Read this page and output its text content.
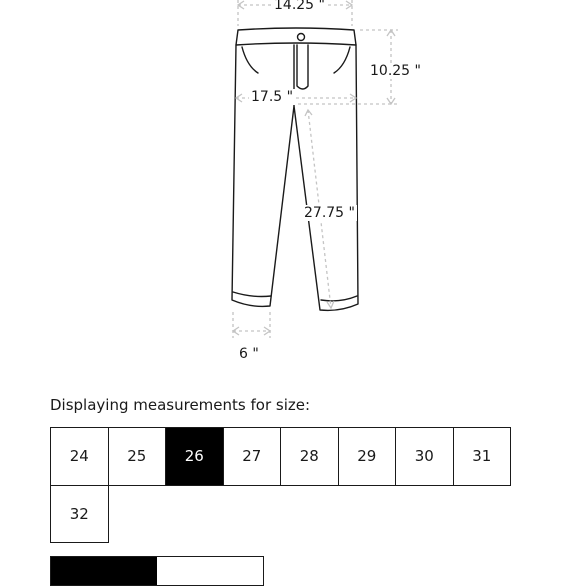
14.25 "
10.25 "
17.5 "
27.75 "
6 "
Displaying measurements for size:
24	25	26	27	28	29	30	31
32
